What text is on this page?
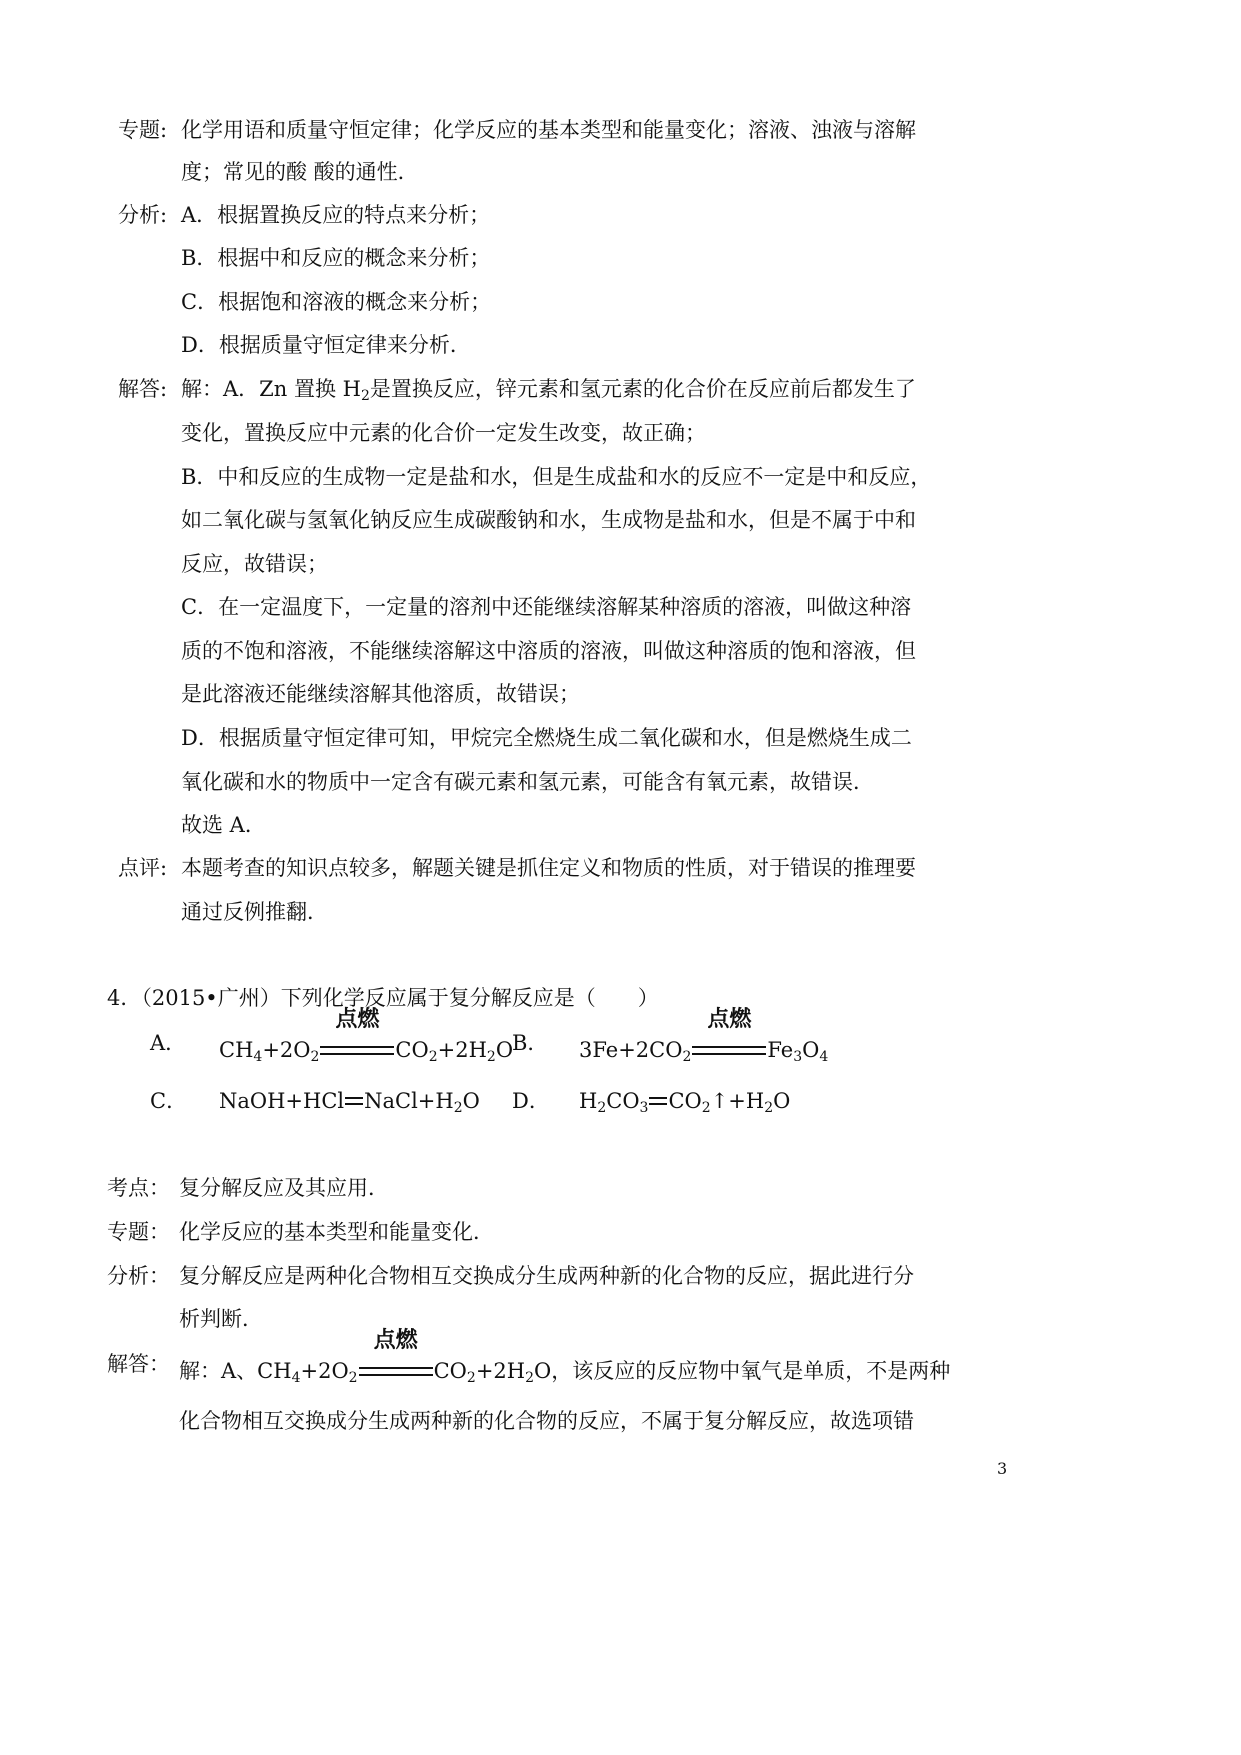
专题: 化学用语和质量守恒定律；化学反应的基本类型和能量变化；溶液、浊液与溶解
度；常见的酸 酸的通性．
分析: A．根据置换反应的特点来分析；
B．根据中和反应的概念来分析；
C．根据饱和溶液的概念来分析；
D．根据质量守恒定律来分析．
解答: 解：A．Zn 置换 $H_2$是置换反应，锌元素和氢元素的化合价在反应前后都发生了
变化，置换反应中元素的化合价一定发生改变，故正确；
B．中和反应的生成物一定是盐和水，但是生成盐和水的反应不一定是中和反应，
如二氧化碳与氢氧化钠反应生成碳酸钠和水，生成物是盐和水，但是不属于中和
反应，故错误；
C．在一定温度下，一定量的溶剂中还能继续溶解某种溶质的溶液，叫做这种溶
质的不饱和溶液，不能继续溶解这中溶质的溶液，叫做这种溶质的饱和溶液，但
是此溶液还能继续溶解其他溶质，故错误；
D．根据质量守恒定律可知，甲烷完全燃烧生成二氧化碳和水，但是燃烧生成二
氧化碳和水的物质中一定含有碳元素和氢元素，可能含有氧元素，故错误．
故选 A．
点评: 本题考查的知识点较多，解题关键是抓住定义和物质的性质，对于错误的推理要
通过反例推翻．
4．（2015•广州）下列化学反应属于复分解反应是（　　）
A． $CH_4+2O_2$
点燃
$CO_2+2H_2O$
B． $3Fe+2CO_2$
点燃
$Fe_3O_4$
C． NaOH+HCl $NaCl+H_2O$ D． $H_2CO_3$ $CO_2↑+H_2O$
考点： 复分解反应及其应用．
专题： 化学反应的基本类型和能量变化．
分析： 复分解反应是两种化合物相互交换成分生成两种新的化合物的反应，据此进行分
析判断．
解答： 解：A、$CH_4+2O_2$
点燃
$CO_2+2H_2O$，该反应的反应物中氧气是单质，不是两种
化合物相互交换成分生成两种新的化合物的反应，不属于复分解反应，故选项错
3
